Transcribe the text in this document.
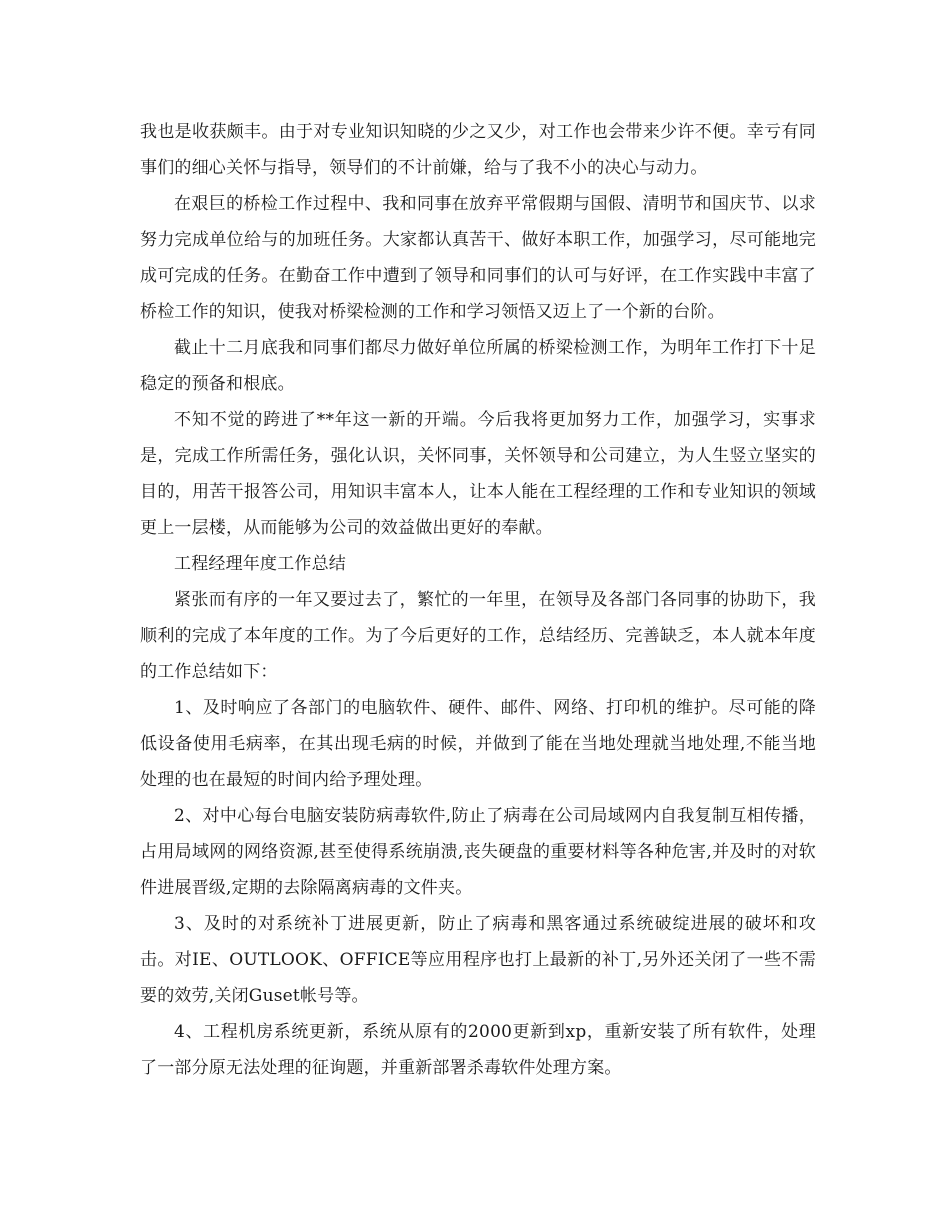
我也是收获颇丰。由于对专业知识知晓的少之又少，对工作也会带来少许不便。幸亏有同事们的细心关怀与指导，领导们的不计前嫌，给与了我不小的决心与动力。

在艰巨的桥检工作过程中、我和同事在放弃平常假期与国假、清明节和国庆节、以求努力完成单位给与的加班任务。大家都认真苦干、做好本职工作，加强学习，尽可能地完成可完成的任务。在勤奋工作中遭到了领导和同事们的认可与好评，在工作实践中丰富了桥检工作的知识，使我对桥梁检测的工作和学习领悟又迈上了一个新的台阶。

截止十二月底我和同事们都尽力做好单位所属的桥梁检测工作，为明年工作打下十足稳定的预备和根底。

不知不觉的跨进了**年这一新的开端。今后我将更加努力工作，加强学习，实事求是，完成工作所需任务，强化认识，关怀同事，关怀领导和公司建立，为人生竖立坚实的目的，用苦干报答公司，用知识丰富本人，让本人能在工程经理的工作和专业知识的领域更上一层楼，从而能够为公司的效益做出更好的奉献。

工程经理年度工作总结

紧张而有序的一年又要过去了，繁忙的一年里，在领导及各部门各同事的协助下，我顺利的完成了本年度的工作。为了今后更好的工作，总结经历、完善缺乏，本人就本年度的工作总结如下：

1、及时响应了各部门的电脑软件、硬件、邮件、网络、打印机的维护。尽可能的降低设备使用毛病率，在其出现毛病的时候，并做到了能在当地处理就当地处理,不能当地处理的也在最短的时间内给予理处理。

2、对中心每台电脑安装防病毒软件,防止了病毒在公司局域网内自我复制互相传播，占用局域网的网络资源,甚至使得系统崩溃,丧失硬盘的重要材料等各种危害,并及时的对软件进展晋级,定期的去除隔离病毒的文件夹。

3、及时的对系统补丁进展更新，防止了病毒和黑客通过系统破绽进展的破坏和攻击。对IE、OUTLOOK、OFFICE等应用程序也打上最新的补丁,另外还关闭了一些不需要的效劳,关闭Guset帐号等。

4、工程机房系统更新，系统从原有的2000更新到xp，重新安装了所有软件，处理了一部分原无法处理的征询题，并重新部署杀毒软件处理方案。
